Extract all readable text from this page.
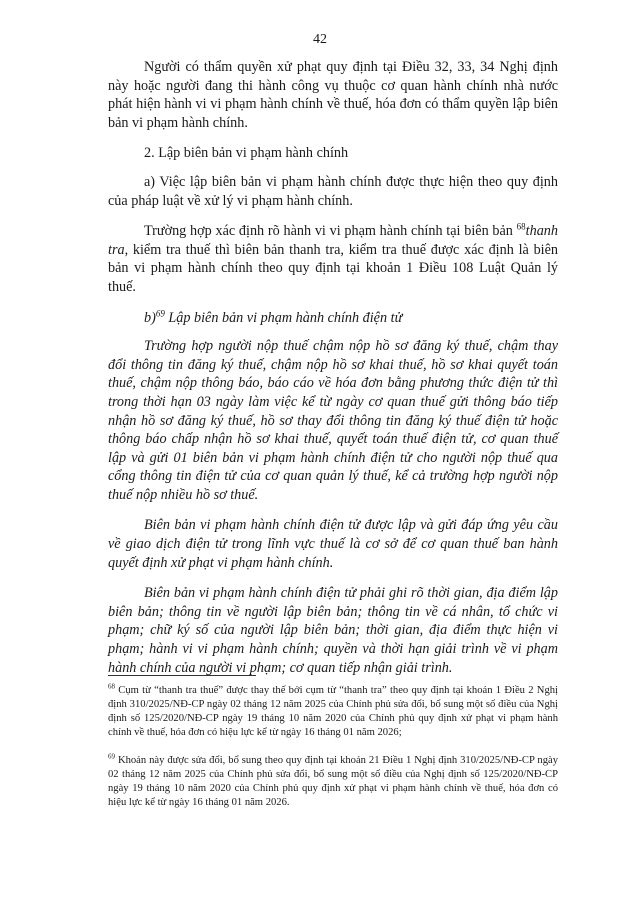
42

Người có thẩm quyền xử phạt quy định tại Điều 32, 33, 34 Nghị định này hoặc người đang thi hành công vụ thuộc cơ quan hành chính nhà nước phát hiện hành vi vi phạm hành chính về thuế, hóa đơn có thẩm quyền lập biên bản vi phạm hành chính.

2. Lập biên bản vi phạm hành chính

a) Việc lập biên bản vi phạm hành chính được thực hiện theo quy định của pháp luật về xử lý vi phạm hành chính.

Trường hợp xác định rõ hành vi vi phạm hành chính tại biên bản $^{68}$thanh tra, kiểm tra thuế thì biên bản thanh tra, kiểm tra thuế được xác định là biên bản vi phạm hành chính theo quy định tại khoản 1 Điều 108 Luật Quản lý thuế.

b)$^{69}$ Lập biên bản vi phạm hành chính điện tử

Trường hợp người nộp thuế chậm nộp hồ sơ đăng ký thuế, chậm thay đổi thông tin đăng ký thuế, chậm nộp hồ sơ khai thuế, hồ sơ khai quyết toán thuế, chậm nộp thông báo, báo cáo về hóa đơn bằng phương thức điện tử thì trong thời hạn 03 ngày làm việc kể từ ngày cơ quan thuế gửi thông báo tiếp nhận hồ sơ đăng ký thuế, hồ sơ thay đổi thông tin đăng ký thuế điện tử hoặc thông báo chấp nhận hồ sơ khai thuế, quyết toán thuế điện tử, cơ quan thuế lập và gửi 01 biên bản vi phạm hành chính điện tử cho người nộp thuế qua cổng thông tin điện tử của cơ quan quản lý thuế, kể cả trường hợp người nộp thuế nộp nhiều hồ sơ thuế.

Biên bản vi phạm hành chính điện tử được lập và gửi đáp ứng yêu cầu về giao dịch điện tử trong lĩnh vực thuế là cơ sở để cơ quan thuế ban hành quyết định xử phạt vi phạm hành chính.

Biên bản vi phạm hành chính điện tử phải ghi rõ thời gian, địa điểm lập biên bản; thông tin về người lập biên bản; thông tin về cá nhân, tổ chức vi phạm; chữ ký số của người lập biên bản; thời gian, địa điểm thực hiện vi phạm; hành vi vi phạm hành chính; quyền và thời hạn giải trình về vi phạm hành chính của người vi phạm; cơ quan tiếp nhận giải trình.

$^{68}$ Cụm từ “thanh tra thuế” được thay thế bởi cụm từ “thanh tra” theo quy định tại khoản 1 Điều 2 Nghị định 310/2025/NĐ-CP ngày 02 tháng 12 năm 2025 của Chính phủ sửa đổi, bổ sung một số điều của Nghị định số 125/2020/NĐ-CP ngày 19 tháng 10 năm 2020 của Chính phủ quy định xử phạt vi phạm hành chính về thuế, hóa đơn có hiệu lực kể từ ngày 16 tháng 01 năm 2026;

$^{69}$ Khoản này được sửa đổi, bổ sung theo quy định tại khoản 21 Điều 1 Nghị định 310/2025/NĐ-CP ngày 02 tháng 12 năm 2025 của Chính phủ sửa đổi, bổ sung một số điều của Nghị định số 125/2020/NĐ-CP ngày 19 tháng 10 năm 2020 của Chính phủ quy định xử phạt vi phạm hành chính về thuế, hóa đơn có hiệu lực kể từ ngày 16 tháng 01 năm 2026.
